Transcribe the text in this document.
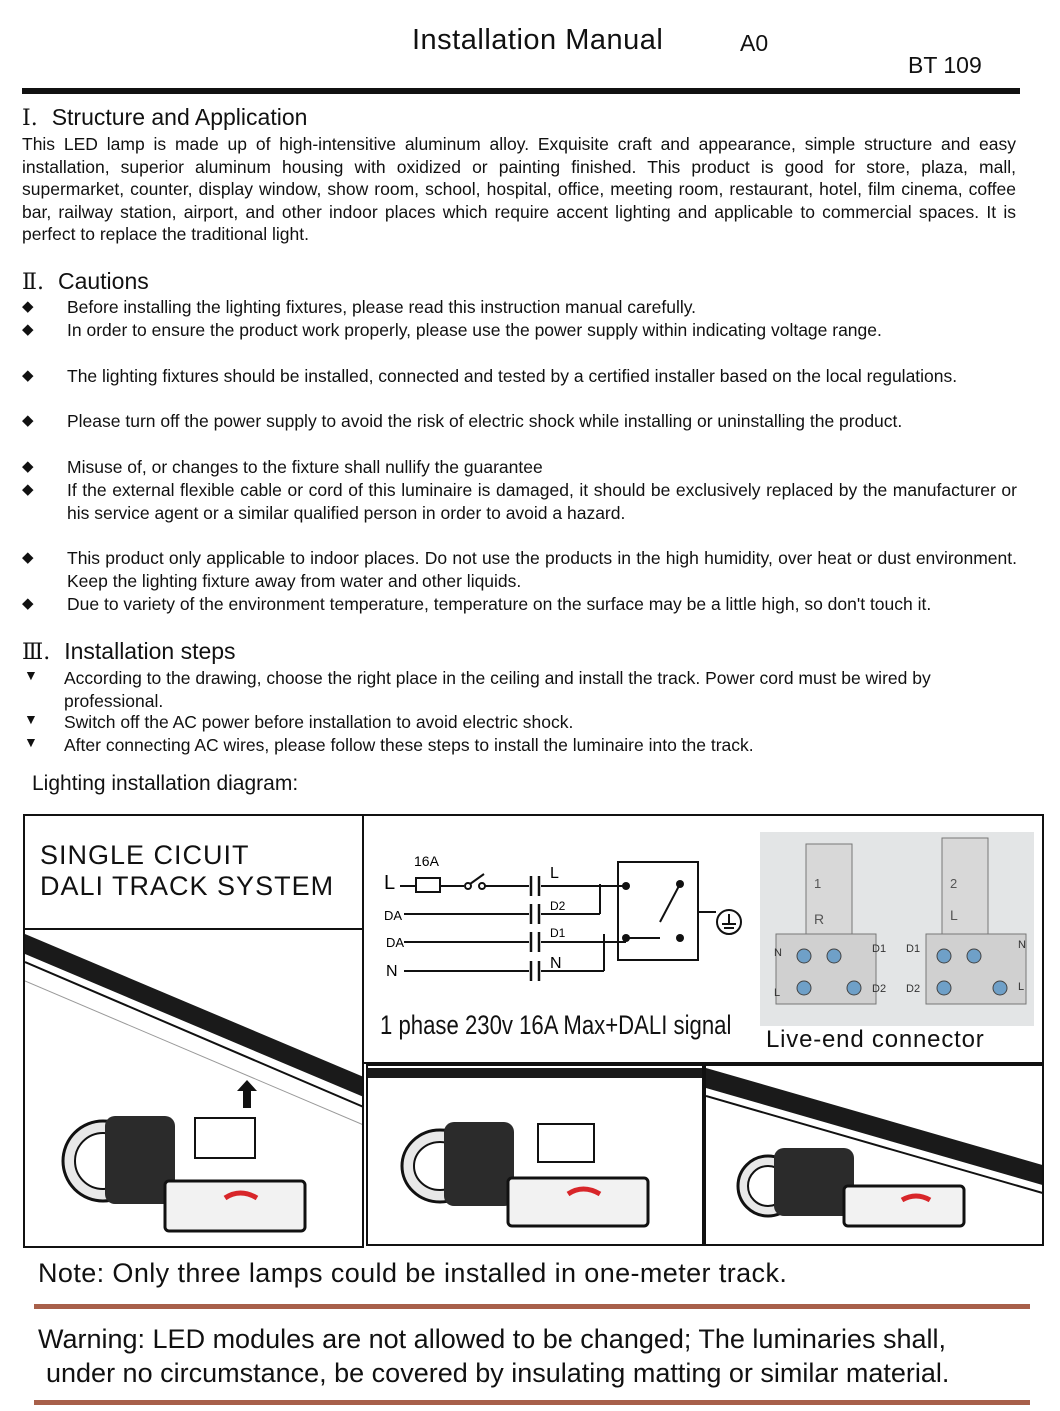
Installation Manual	A0
BT 109
Ⅰ. Structure and Application
This LED lamp is made up of high-intensitive aluminum alloy. Exquisite craft and appearance, simple structure and easy installation, superior aluminum housing with oxidized or painting finished. This product is good for store, plaza, mall, supermarket, counter, display window, show room, school, hospital, office, meeting room, restaurant, hotel, film cinema, coffee bar, railway station, airport, and other indoor places which require accent lighting and applicable to commercial spaces. It is perfect to replace the traditional light.
Ⅱ. Cautions
◆	Before installing the lighting fixtures, please read this instruction manual carefully.
◆	In order to ensure the product work properly, please use the power supply within indicating voltage range.
◆	The lighting fixtures should be installed, connected and tested by a certified installer based on the local regulations.
◆	Please turn off the power supply to avoid the risk of electric shock while installing or uninstalling the product.
◆	Misuse of, or changes to the fixture shall nullify the guarantee
◆	If the external flexible cable or cord of this luminaire is damaged, it should be exclusively replaced by the manufacturer or his service agent or a similar qualified person in order to avoid a hazard.
◆	This product only applicable to indoor places. Do not use the products in the high humidity, over heat or dust environment. Keep the lighting fixture away from water and other liquids.
◆	Due to variety of the environment temperature, temperature on the surface may be a little high, so don't touch it.
Ⅲ. Installation steps
▼ According to the drawing, choose the right place in the ceiling and install the track. Power cord must be wired by professional.
▼ Switch off the AC power before installation to avoid electric shock.
▼ After connecting AC wires, please follow these steps to install the luminaire into the track.
Lighting installation diagram:
SINGLE CICUIT
DALI TRACK SYSTEM L
DA
DA
N
16A
L
D2
D1
N
1
R
N	D1
L	D2
2
L
D1	N
D2	L
1 phase 230v 16A Max+DALI signal Live-end connector
Note: Only three lamps could be installed in one-meter track.
Warning: LED modules are not allowed to be changed; The luminaries shall,
under no circumstance, be covered by insulating matting or similar material.
